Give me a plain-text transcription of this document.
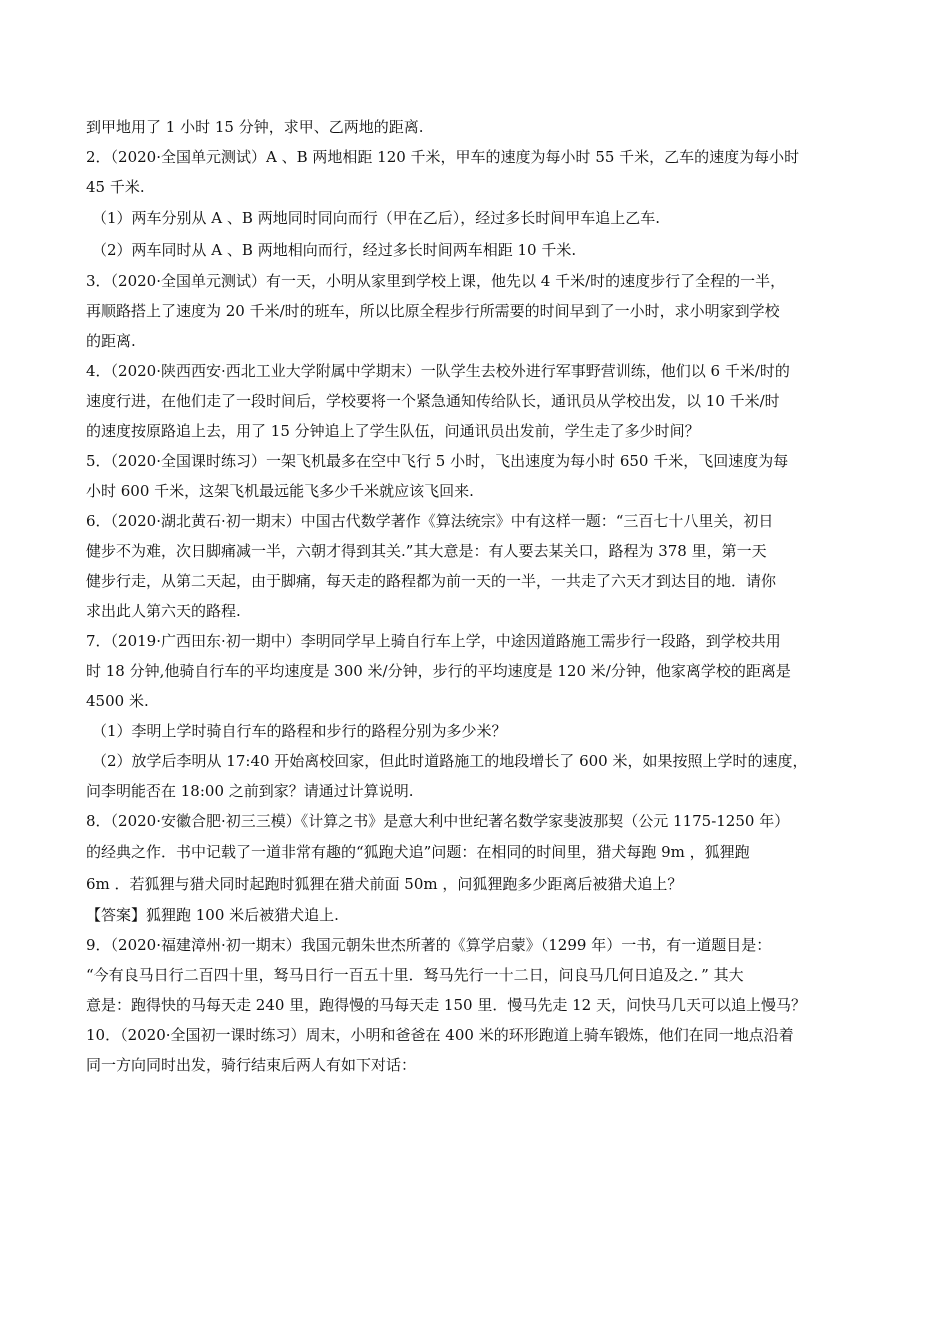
到甲地用了 1 小时 15 分钟，求甲、乙两地的距离.
2．（2020·全国单元测试）A 、B 两地相距 120 千米，甲车的速度为每小时 55 千米，乙车的速度为每小时
45 千米.
（1）两车分别从 A 、B 两地同时同向而行（甲在乙后），经过多长时间甲车追上乙车.
（2）两车同时从 A 、B 两地相向而行，经过多长时间两车相距 10 千米.
3．（2020·全国单元测试）有一天，小明从家里到学校上课，他先以 4 千米/时的速度步行了全程的一半，
再顺路搭上了速度为 20 千米/时的班车，所以比原全程步行所需要的时间早到了一小时，求小明家到学校
的距离.
4．（2020·陕西西安·西北工业大学附属中学期末）一队学生去校外进行军事野营训练，他们以 6 千米/时的
速度行进，在他们走了一段时间后，学校要将一个紧急通知传给队长，通讯员从学校出发，以 10 千米/时
的速度按原路追上去，用了 15 分钟追上了学生队伍，问通讯员出发前，学生走了多少时间？
5．（2020·全国课时练习）一架飞机最多在空中飞行 5 小时，飞出速度为每小时 650 千米，飞回速度为每
小时 600 千米，这架飞机最远能飞多少千米就应该飞回来.
6．（2020·湖北黄石·初一期末）中国古代数学著作《算法统宗》中有这样一题：“三百七十八里关，初日
健步不为难，次日脚痛减一半，六朝才得到其关.”其大意是：有人要去某关口，路程为 378 里，第一天
健步行走，从第二天起，由于脚痛，每天走的路程都为前一天的一半，一共走了六天才到达目的地．请你
求出此人第六天的路程.
7．（2019·广西田东·初一期中）李明同学早上骑自行车上学，中途因道路施工需步行一段路，到学校共用
时 18 分钟,他骑自行车的平均速度是 300 米/分钟，步行的平均速度是 120 米/分钟，他家离学校的距离是
4500 米.
（1）李明上学时骑自行车的路程和步行的路程分别为多少米？
（2）放学后李明从 17:40 开始离校回家，但此时道路施工的地段增长了 600 米，如果按照上学时的速度，
问李明能否在 18:00 之前到家？请通过计算说明.
8．（2020·安徽合肥·初三三模）《计算之书》是意大利中世纪著名数学家斐波那契（公元 1175-1250 年）
的经典之作．书中记载了一道非常有趣的“狐跑犬追”问题：在相同的时间里，猎犬每跑 9m ，狐狸跑
6m ．若狐狸与猎犬同时起跑时狐狸在猎犬前面 50m ，问狐狸跑多少距离后被猎犬追上？
【答案】狐狸跑 100 米后被猎犬追上.
9．（2020·福建漳州·初一期末）我国元朝朱世杰所著的《算学启蒙》（1299 年）一书，有一道题目是：
“今有良马日行二百四十里，驽马日行一百五十里．驽马先行一十二日，问良马几何日追及之．” 其大
意是：跑得快的马每天走 240 里，跑得慢的马每天走 150 里．慢马先走 12 天，问快马几天可以追上慢马？
10．（2020·全国初一课时练习）周末，小明和爸爸在 400 米的环形跑道上骑车锻炼，他们在同一地点沿着
同一方向同时出发，骑行结束后两人有如下对话：
